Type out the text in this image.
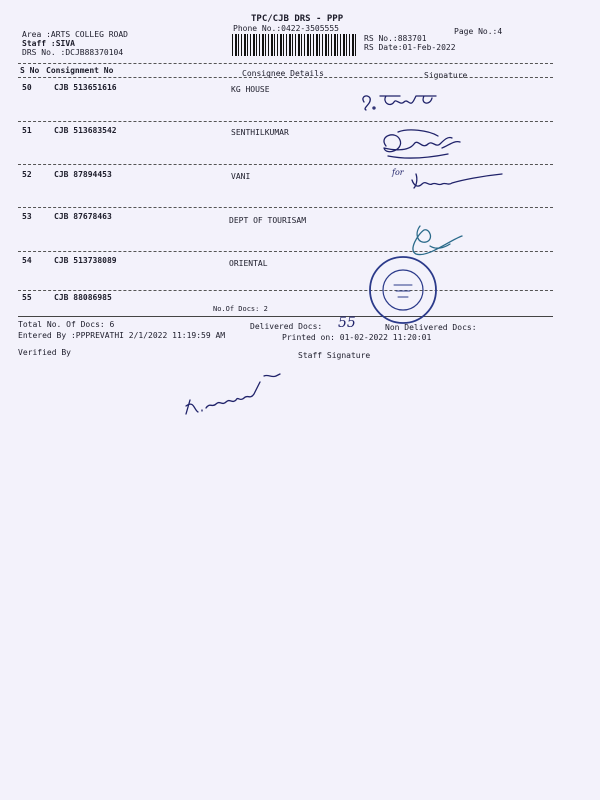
TPC/CJB DRS - PPP
Phone No.:0422-3505555	Page No.:4
Area :ARTS COLLEG ROAD
Staff :SIVA
DRS No. :DCJB88370104
RS No.:883701
RS Date:01-Feb-2022
S No Consignment No	Consignee Details	Signature
50	CJB 513651616	KG HOUSE
51	CJB 513683542	SENTHILKUMAR
52	CJB 87894453	VANI
53	CJB 87678463	DEPT OF TOURISAM
54	CJB 513738089	ORIENTAL
55	CJB 88086985
No.Of Docs: 2
Total No. Of Docs: 6	Delivered Docs: 55	Non Delivered Docs:
Entered By :PPPREVATHI 2/1/2022 11:19:59 AM	Printed on: 01-02-2022 11:20:01
Verified By	Staff Signature
for
